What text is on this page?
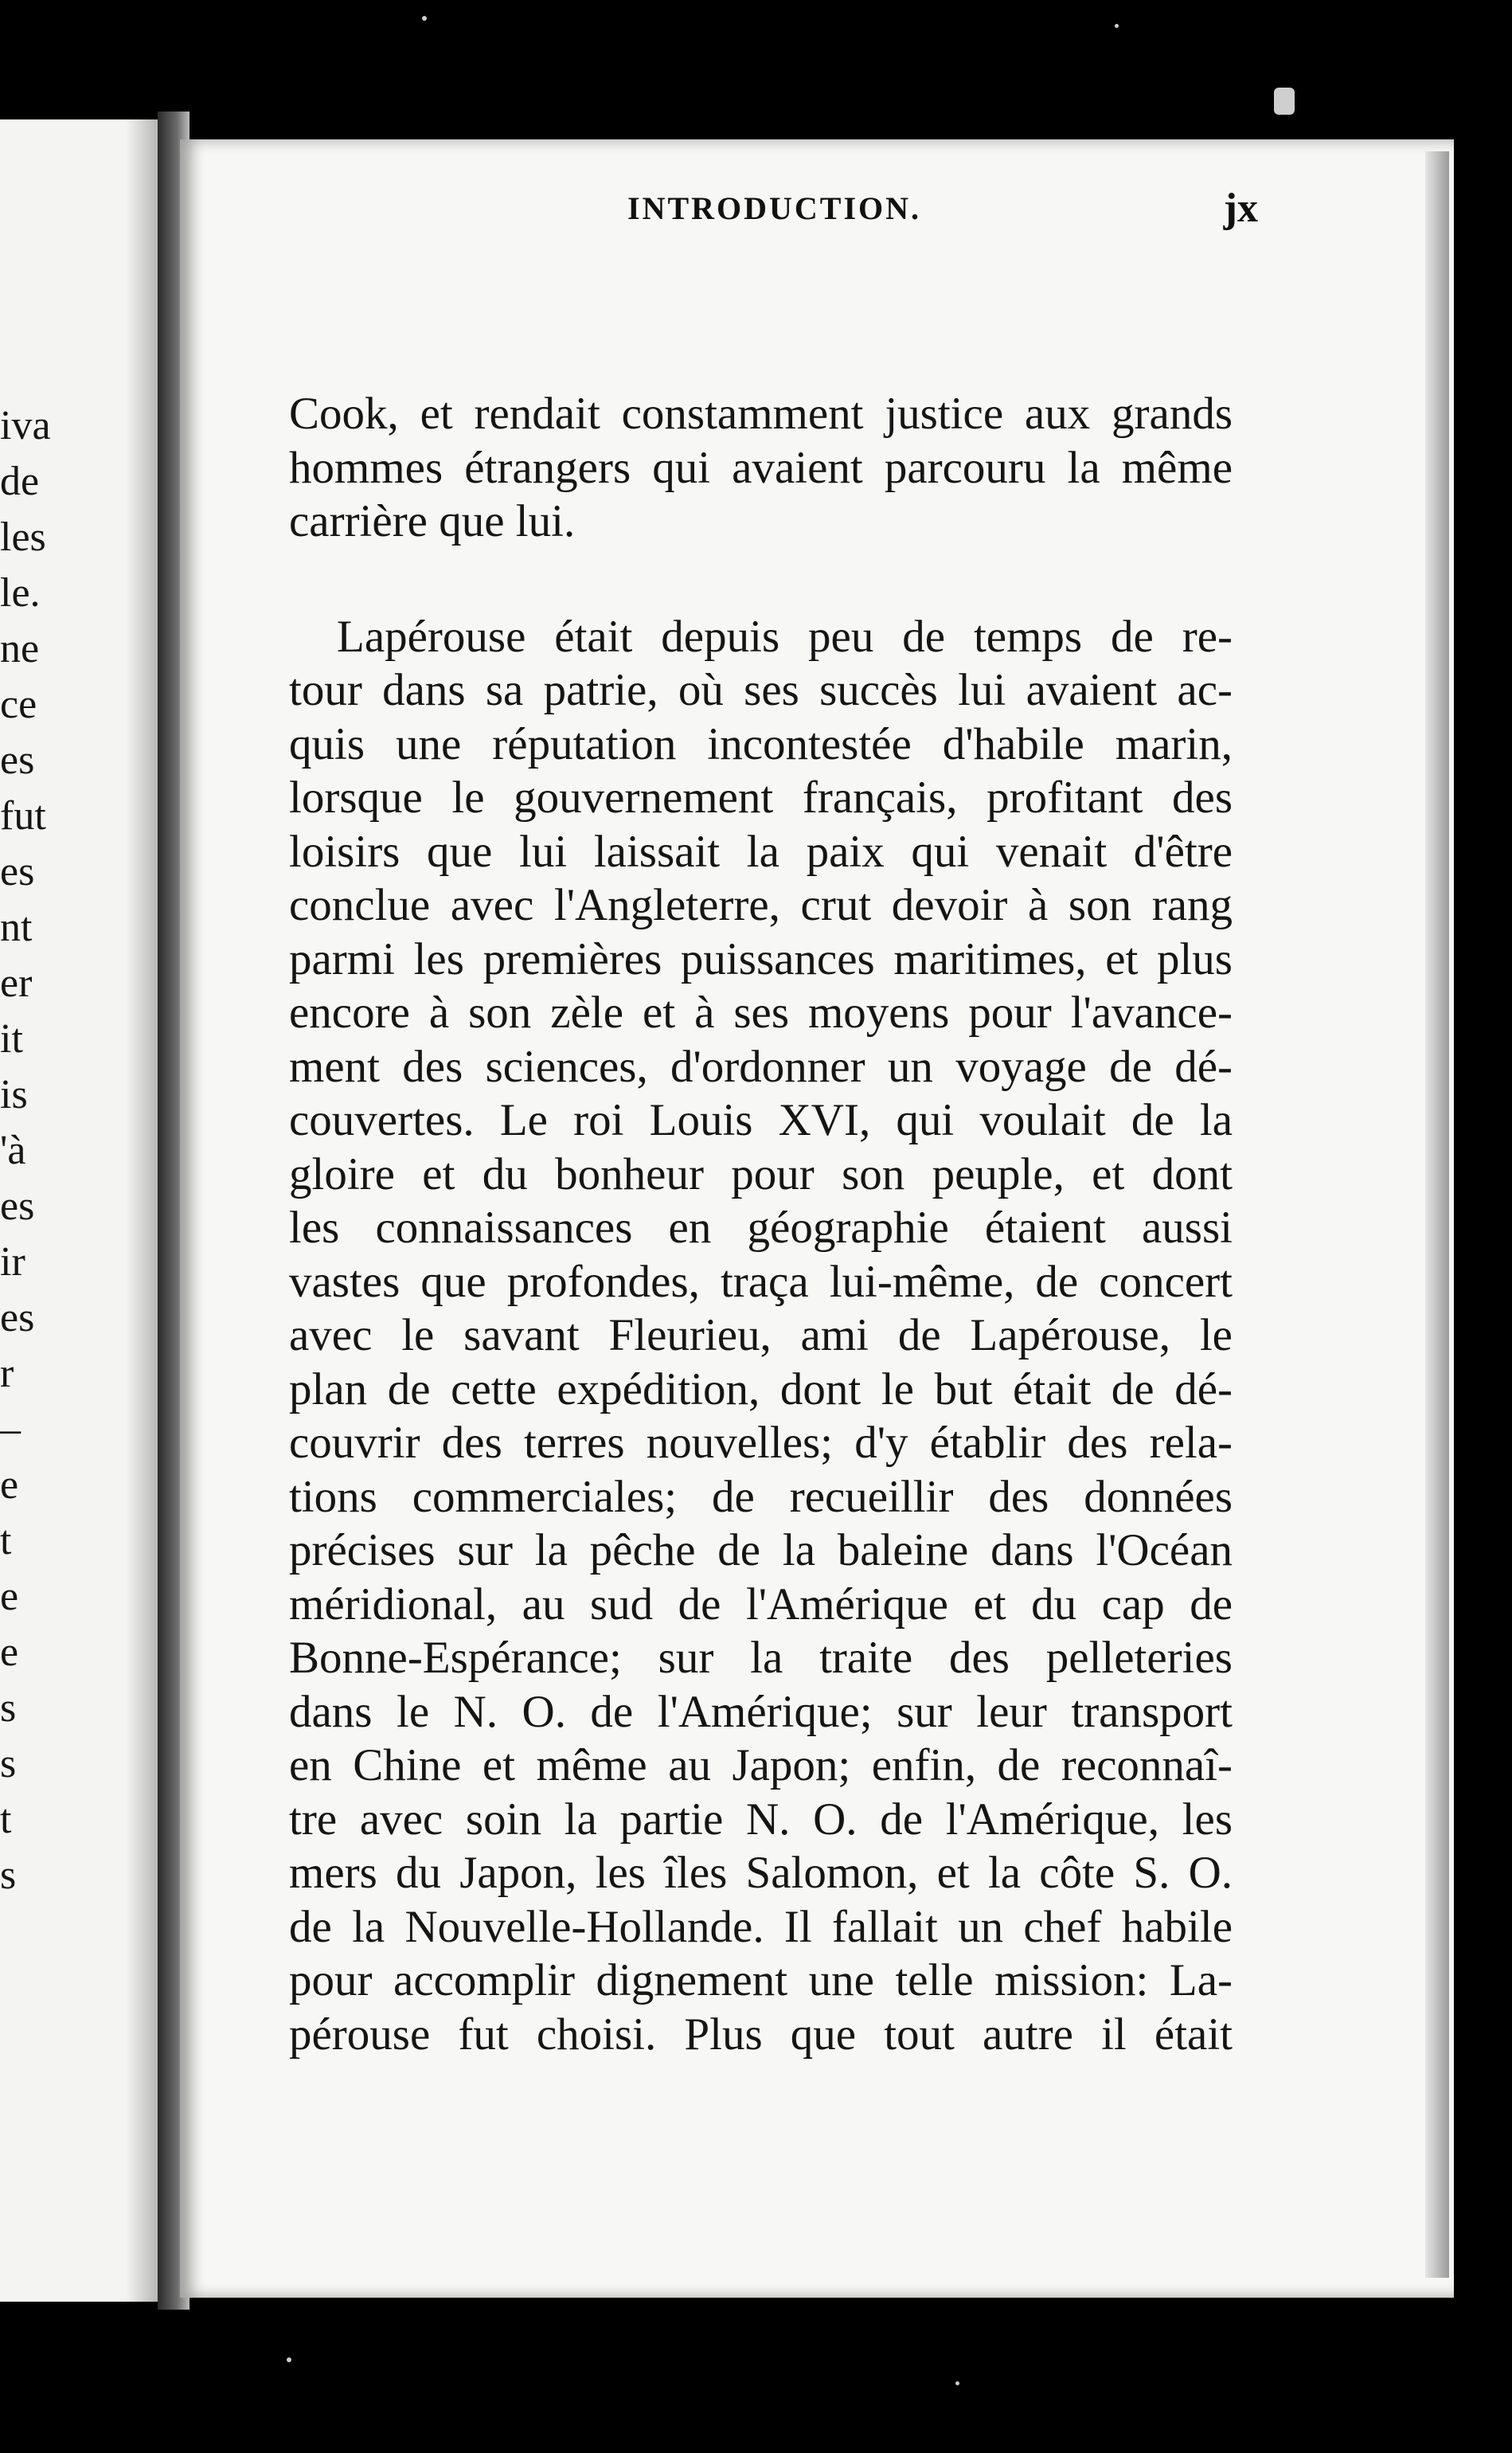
iva
de
les
le.
ne
ce
es
fut
es
nt
er
it
is
'à
es
ir
es
r
–
e
t
e
e
s
s
t
s
INTRODUCTION.	jx
Cook, et rendait constamment justice aux grands
hommes étrangers qui avaient parcouru la même
carrière que lui.
Lapérouse était depuis peu de temps de re-
tour dans sa patrie, où ses succès lui avaient ac-
quis une réputation incontestée d'habile marin,
lorsque le gouvernement français, profitant des
loisirs que lui laissait la paix qui venait d'être
conclue avec l'Angleterre, crut devoir à son rang
parmi les premières puissances maritimes, et plus
encore à son zèle et à ses moyens pour l'avance-
ment des sciences, d'ordonner un voyage de dé-
couvertes. Le roi Louis XVI, qui voulait de la
gloire et du bonheur pour son peuple, et dont
les connaissances en géographie étaient aussi
vastes que profondes, traça lui-même, de concert
avec le savant Fleurieu, ami de Lapérouse, le
plan de cette expédition, dont le but était de dé-
couvrir des terres nouvelles; d'y établir des rela-
tions commerciales; de recueillir des données
précises sur la pêche de la baleine dans l'Océan
méridional, au sud de l'Amérique et du cap de
Bonne-Espérance; sur la traite des pelleteries
dans le N. O. de l'Amérique; sur leur transport
en Chine et même au Japon; enfin, de reconnaî-
tre avec soin la partie N. O. de l'Amérique, les
mers du Japon, les îles Salomon, et la côte S. O.
de la Nouvelle-Hollande. Il fallait un chef habile
pour accomplir dignement une telle mission: La-
pérouse fut choisi. Plus que tout autre il était
